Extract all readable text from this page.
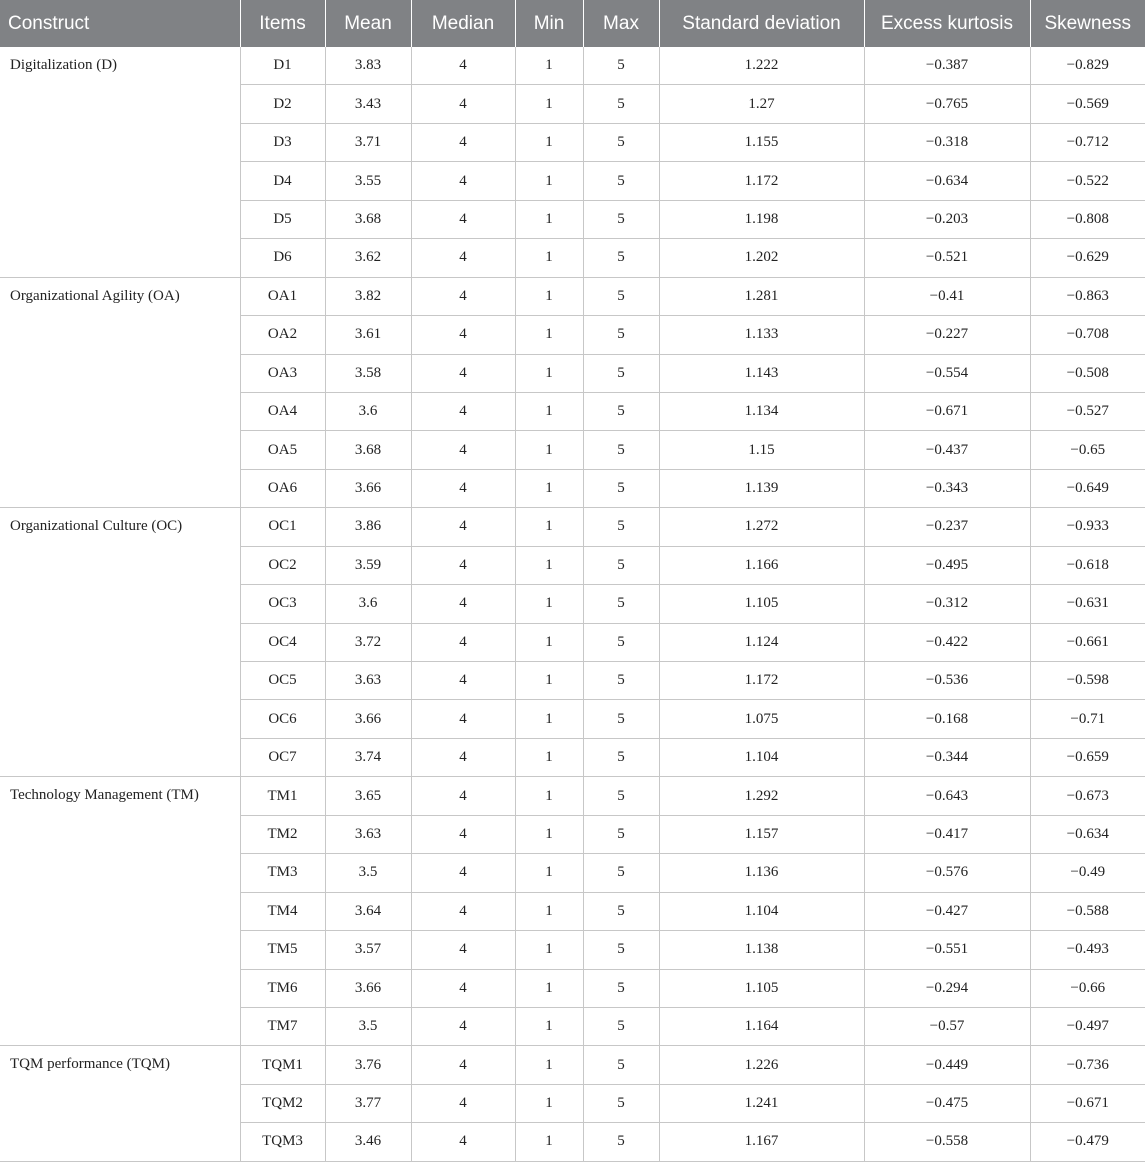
Construct	Items	Mean	Median	Min	Max	Standard deviation	Excess kurtosis	Skewness
Digitalization (D)	D1	3.83	4	1	5	1.222	−0.387	−0.829
	D2	3.43	4	1	5	1.27	−0.765	−0.569
	D3	3.71	4	1	5	1.155	−0.318	−0.712
	D4	3.55	4	1	5	1.172	−0.634	−0.522
	D5	3.68	4	1	5	1.198	−0.203	−0.808
	D6	3.62	4	1	5	1.202	−0.521	−0.629
Organizational Agility (OA)	OA1	3.82	4	1	5	1.281	−0.41	−0.863
	OA2	3.61	4	1	5	1.133	−0.227	−0.708
	OA3	3.58	4	1	5	1.143	−0.554	−0.508
	OA4	3.6	4	1	5	1.134	−0.671	−0.527
	OA5	3.68	4	1	5	1.15	−0.437	−0.65
	OA6	3.66	4	1	5	1.139	−0.343	−0.649
Organizational Culture (OC)	OC1	3.86	4	1	5	1.272	−0.237	−0.933
	OC2	3.59	4	1	5	1.166	−0.495	−0.618
	OC3	3.6	4	1	5	1.105	−0.312	−0.631
	OC4	3.72	4	1	5	1.124	−0.422	−0.661
	OC5	3.63	4	1	5	1.172	−0.536	−0.598
	OC6	3.66	4	1	5	1.075	−0.168	−0.71
	OC7	3.74	4	1	5	1.104	−0.344	−0.659
Technology Management (TM)	TM1	3.65	4	1	5	1.292	−0.643	−0.673
	TM2	3.63	4	1	5	1.157	−0.417	−0.634
	TM3	3.5	4	1	5	1.136	−0.576	−0.49
	TM4	3.64	4	1	5	1.104	−0.427	−0.588
	TM5	3.57	4	1	5	1.138	−0.551	−0.493
	TM6	3.66	4	1	5	1.105	−0.294	−0.66
	TM7	3.5	4	1	5	1.164	−0.57	−0.497
TQM performance (TQM)	TQM1	3.76	4	1	5	1.226	−0.449	−0.736
	TQM2	3.77	4	1	5	1.241	−0.475	−0.671
	TQM3	3.46	4	1	5	1.167	−0.558	−0.479
